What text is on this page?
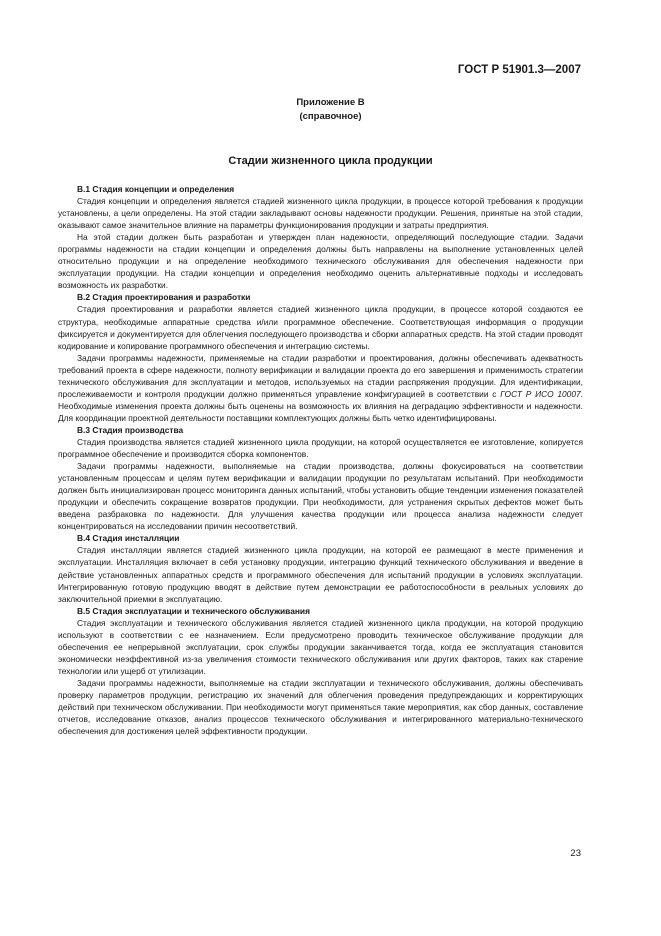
ГОСТ Р 51901.3—2007
Приложение В
(справочное)
Стадии жизненного цикла продукции
В.1 Стадия концепции и определения

Стадия концепции и определения является стадией жизненного цикла продукции, в процессе которой требования к продукции установлены, а цели определены. На этой стадии закладывают основы надежности продукции. Решения, принятые на этой стадии, оказывают самое значительное влияние на параметры функционирования продукции и затраты предприятия.

На этой стадии должен быть разработан и утвержден план надежности, определяющий последующие стадии. Задачи программы надежности на стадии концепции и определения должны быть направлены на выполнение установленных целей относительно продукции и на определение необходимого технического обслуживания для обеспечения надежности при эксплуатации продукции. На стадии концепции и определения необходимо оценить альтернативные подходы и исследовать возможность их разработки.

В.2 Стадия проектирования и разработки

Стадия проектирования и разработки является стадией жизненного цикла продукции, в процессе которой создаются ее структура, необходимые аппаратные средства и/или программное обеспечение. Соответствующая информация о продукции фиксируется и документируется для облегчения последующего производства и сборки аппаратных средств. На этой стадии проводят кодирование и копирование программного обеспечения и интеграцию системы.

Задачи программы надежности, применяемые на стадии разработки и проектирования, должны обеспечивать адекватность требований проекта в сфере надежности, полноту верификации и валидации проекта до его завершения и применимость стратегии технического обслуживания для эксплуатации и методов, используемых на стадии распряжения продукции. Для идентификации, прослеживаемости и контроля продукции должно применяться управление конфигурацией в соответствии с ГОСТ Р ИСО 10007. Необходимые изменения проекта должны быть оценены на возможность их влияния на деградацию эффективности и надежности. Для координации проектной деятельности поставщики комплектующих должны быть четко идентифицированы.

В.3 Стадия производства

Стадия производства является стадией жизненного цикла продукции, на которой осуществляется ее изготовление, копируется программное обеспечение и производится сборка компонентов.

Задачи программы надежности, выполняемые на стадии производства, должны фокусироваться на соответствии установленным процессам и целям путем верификации и валидации продукции по результатам испытаний. При необходимости должен быть инициализирован процесс мониторинга данных испытаний, чтобы установить общие тенденции изменения показателей продукции и обеспечить сокращение возвратов продукции. При необходимости, для устранения скрытых дефектов может быть введена разбраковка по надежности. Для улучшения качества продукции или процесса анализа надежности следует концентрироваться на исследовании причин несоответствий.

В.4 Стадия инсталляции

Стадия инсталляции является стадией жизненного цикла продукции, на которой ее размещают в месте применения и эксплуатации. Инсталляция включает в себя установку продукции, интеграцию функций технического обслуживания и введение в действие установленных аппаратных средств и программного обеспечения для испытаний продукции в условиях эксплуатации. Интегрированную готовую продукцию вводят в действие путем демонстрации ее работоспособности в реальных условиях до заключительной приемки в эксплуатацию.

В.5 Стадия эксплуатации и технического обслуживания

Стадия эксплуатации и технического обслуживания является стадией жизненного цикла продукции, на которой продукцию используют в соответствии с ее назначением. Если предусмотрено проводить техническое обслуживание продукции для обеспечения ее непрерывной эксплуатации, срок службы продукции заканчивается тогда, когда ее эксплуатация становится экономически неэффективной из-за увеличения стоимости технического обслуживания или других факторов, таких как старение технологии или ущерб от утилизации.

Задачи программы надежности, выполняемые на стадии эксплуатации и технического обслуживания, должны обеспечивать проверку параметров продукции, регистрацию их значений для облегчения проведения предупреждающих и корректирующих действий при техническом обслуживании. При необходимости могут применяться такие мероприятия, как сбор данных, составление отчетов, исследование отказов, анализ процессов технического обслуживания и интегрированного материально-технического обеспечения для достижения целей эффективности продукции.

23
